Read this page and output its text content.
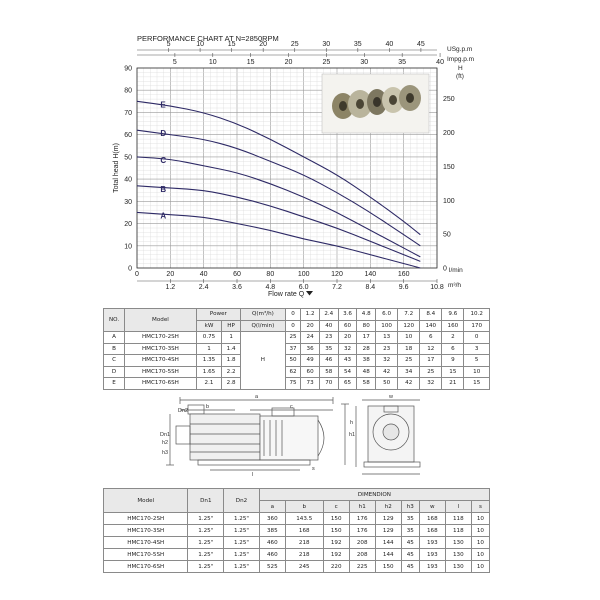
PERFORMANCE CHART AT N=2850RPM
A
B
C
D
E
Total head H(m)
H
(ft)
USg.p.m
Impg.p.m
l/min
m³/h
Flow rate Q
0
10
20
30
40
50
60
70
80
90
0
50
100
150
200
250
0	20	40	60	80	100	120	140	160
1.2	2.4	3.6	4.8	6.0	7.2	8.4	9.6	10.8
5	10	15	20	25	30	35	40	45
5	10	15	20	25	30	35	40
NO.	Model	Power		Q(m³/h)	0	1.2	2.4	3.6	4.8	6.0	7.2	8.4	9.6	10.2
		kW	HP	Q(l/min)	0	20	40	60	80	100	120	140	160	170
A	HMC170-2SH	0.75	1	H	25	24	23	20	17	13	10	6	2	0
B	HMC170-3SH	1	1.4		37	36	35	32	28	23	18	12	6	3
C	HMC170-4SH	1.35	1.8		50	49	46	43	38	32	25	17	9	5
D	HMC170-5SH	1.65	2.2		62	60	58	54	48	42	34	25	15	10
E	HMC170-6SH	2.1	2.8		75	73	70	65	58	50	42	32	21	15
a
b	c
Dn2
Dn1
h2
h3
h1
l
s
w
h
Model	Dn1	Dn2	DIMENDION								
			a	b	c	h1	h2	h3	w	l	s
HMC170-2SH	1.25"	1.25"	360	143.5	150	176	129	35	168	118	10
HMC170-3SH	1.25"	1.25"	385	168	150	176	129	35	168	118	10
HMC170-4SH	1.25"	1.25"	460	218	192	208	144	45	193	130	10
HMC170-5SH	1.25"	1.25"	460	218	192	208	144	45	193	130	10
HMC170-6SH	1.25"	1.25"	525	245	220	225	150	45	193	130	10
